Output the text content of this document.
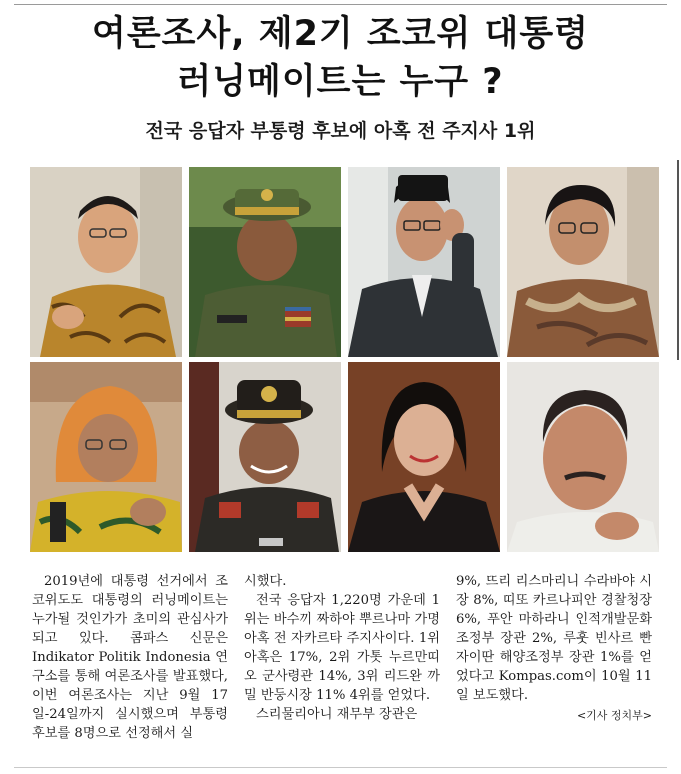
여론조사, 제2기 조코위 대통령
러닝메이트는 누구 ?
전국 응답자 부통령 후보에 아혹 전 주지사 1위

2019년에 대통령 선거에서 조코위도도 대통령의 러닝메이트는 누가될 것인가가 초미의 관심사가 되고 있다. 콤파스 신문은 Indikator Politik Indonesia 연구소를 통해 여론조사를 발표했다, 이번 여론조사는 지난 9월 17일-24일까지 실시했으며 부통령 후보를 8명으로 선정해서 실

시했다.

전국 응답자 1,220명 가운데 1위는 바수끼 짜하야 뿌르나마 가명 아혹 전 자카르타 주지사이다. 1위 아혹은 17%, 2위 가톳 누르만띠오 군사령관 14%, 3위 리드완 까밀 반둥시장 11% 4위를 얻었다.

스리물리아니 재무부 장관은

9%, 뜨리 리스마리니 수라바야 시장 8%, 띠또 카르나피안 경찰청장 6%, 푸안 마하라니 인적개발문화조정부 장관 2%, 루훗 빈사르 빤자이딴 해양조정부 장관 1%를 얻었다고 Kompas.com이 10월 11일 보도했다.

<기사 정치부>
